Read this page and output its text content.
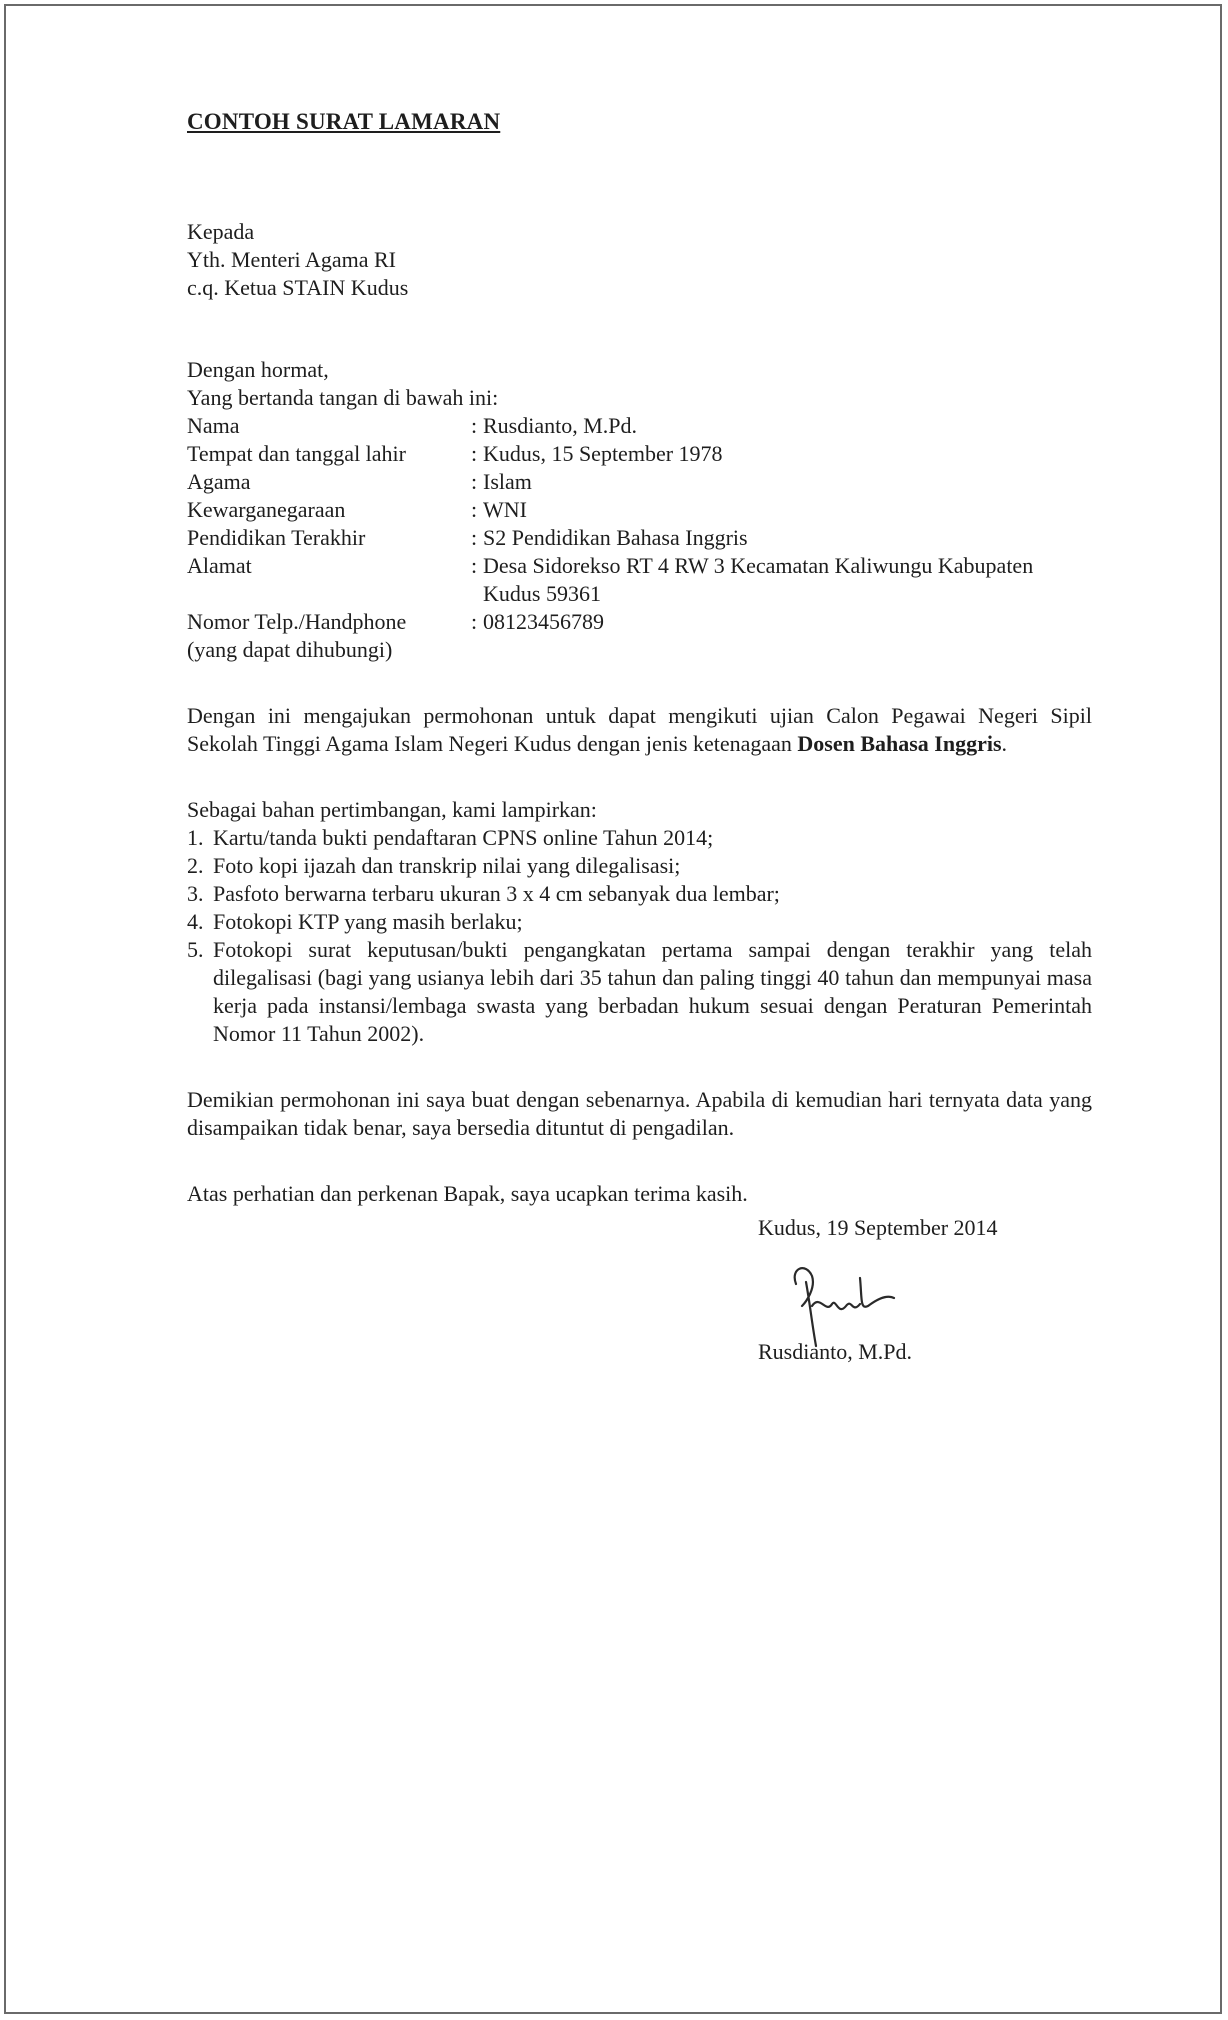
CONTOH SURAT LAMARAN

Kepada
Yth. Menteri Agama RI
c.q. Ketua STAIN Kudus
Dengan hormat,
Yang bertanda tangan di bawah ini:
Nama	: Rusdianto, M.Pd.
Tempat dan tanggal lahir	: Kudus, 15 September 1978
Agama	: Islam
Kewarganegaraan	: WNI
Pendidikan Terakhir	: S2 Pendidikan Bahasa Inggris
Alamat	: Desa Sidorekso RT 4 RW 3 Kecamatan Kaliwungu Kabupaten Kudus 59361
Nomor Telp./Handphone	: 08123456789

(yang dapat dihubungi)

Dengan ini mengajukan permohonan untuk dapat mengikuti ujian Calon Pegawai Negeri Sipil Sekolah Tinggi Agama Islam Negeri Kudus dengan jenis ketenagaan Dosen Bahasa Inggris.

Sebagai bahan pertimbangan, kami lampirkan:
1. Kartu/tanda bukti pendaftaran CPNS online Tahun 2014;
2. Foto kopi ijazah dan transkrip nilai yang dilegalisasi;
3. Pasfoto berwarna terbaru ukuran 3 x 4 cm sebanyak dua lembar;
4. Fotokopi KTP yang masih berlaku;
5. Fotokopi surat keputusan/bukti pengangkatan pertama sampai dengan terakhir yang telah dilegalisasi (bagi yang usianya lebih dari 35 tahun dan paling tinggi 40 tahun dan mempunyai masa kerja pada instansi/lembaga swasta yang berbadan hukum sesuai dengan Peraturan Pemerintah Nomor 11 Tahun 2002).

Demikian permohonan ini saya buat dengan sebenarnya. Apabila di kemudian hari ternyata data yang disampaikan tidak benar, saya bersedia dituntut di pengadilan.

Atas perhatian dan perkenan Bapak, saya ucapkan terima kasih.

Kudus, 19 September 2014
Rusdianto, M.Pd.
